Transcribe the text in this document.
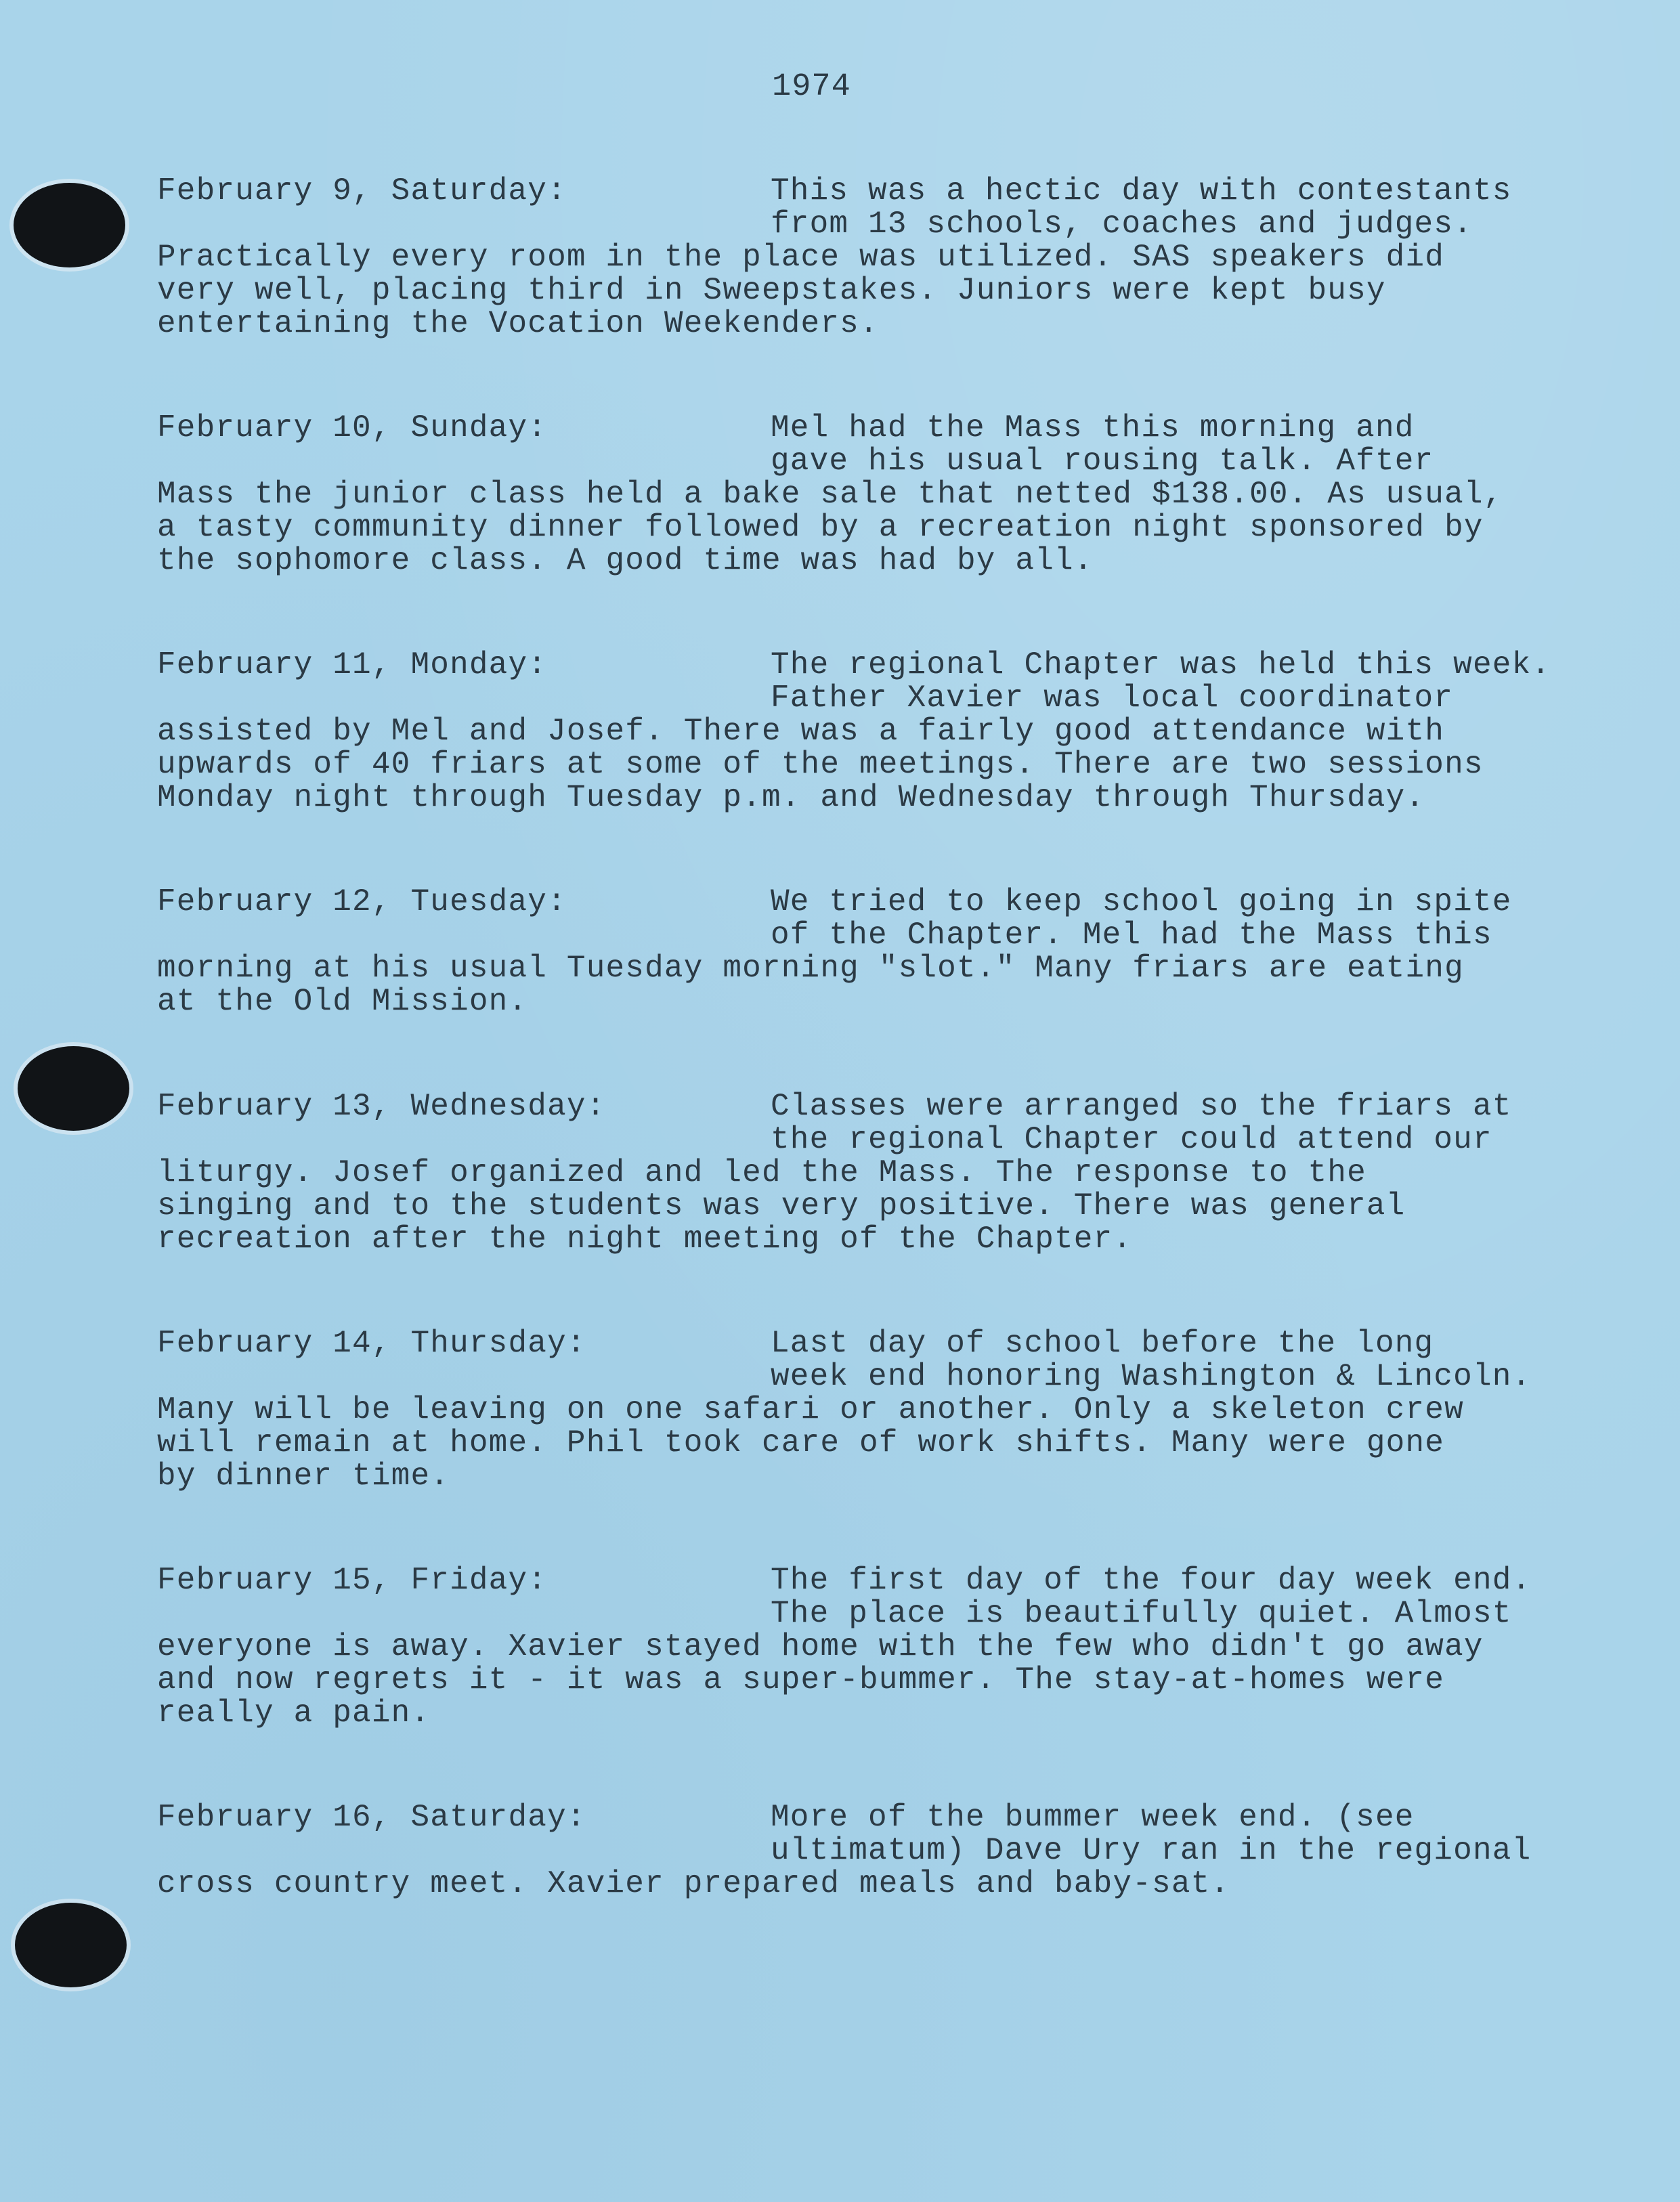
1974
February 9, Saturday:	This was a hectic day with contestants
from 13 schools, coaches and judges.
Practically every room in the place was utilized. SAS speakers did
very well, placing third in Sweepstakes. Juniors were kept busy
entertaining the Vocation Weekenders.
February 10, Sunday:	Mel had the Mass this morning and
gave his usual rousing talk. After
Mass the junior class held a bake sale that netted $138.00. As usual,
a tasty community dinner followed by a recreation night sponsored by
the sophomore class. A good time was had by all.
February 11, Monday:	The regional Chapter was held this week.
Father Xavier was local coordinator
assisted by Mel and Josef. There was a fairly good attendance with
upwards of 40 friars at some of the meetings. There are two sessions
Monday night through Tuesday p.m. and Wednesday through Thursday.
February 12, Tuesday:	We tried to keep school going in spite
of the Chapter. Mel had the Mass this
morning at his usual Tuesday morning "slot." Many friars are eating
at the Old Mission.
February 13, Wednesday:	Classes were arranged so the friars at
the regional Chapter could attend our
liturgy. Josef organized and led the Mass. The response to the
singing and to the students was very positive. There was general
recreation after the night meeting of the Chapter.
February 14, Thursday:	Last day of school before the long
week end honoring Washington & Lincoln.
Many will be leaving on one safari or another. Only a skeleton crew
will remain at home. Phil took care of work shifts. Many were gone
by dinner time.
February 15, Friday:	The first day of the four day week end.
The place is beautifully quiet. Almost
everyone is away. Xavier stayed home with the few who didn't go away
and now regrets it - it was a super-bummer. The stay-at-homes were
really a pain.
February 16, Saturday:	More of the bummer week end. (see
ultimatum) Dave Ury ran in the regional
cross country meet. Xavier prepared meals and baby-sat.
